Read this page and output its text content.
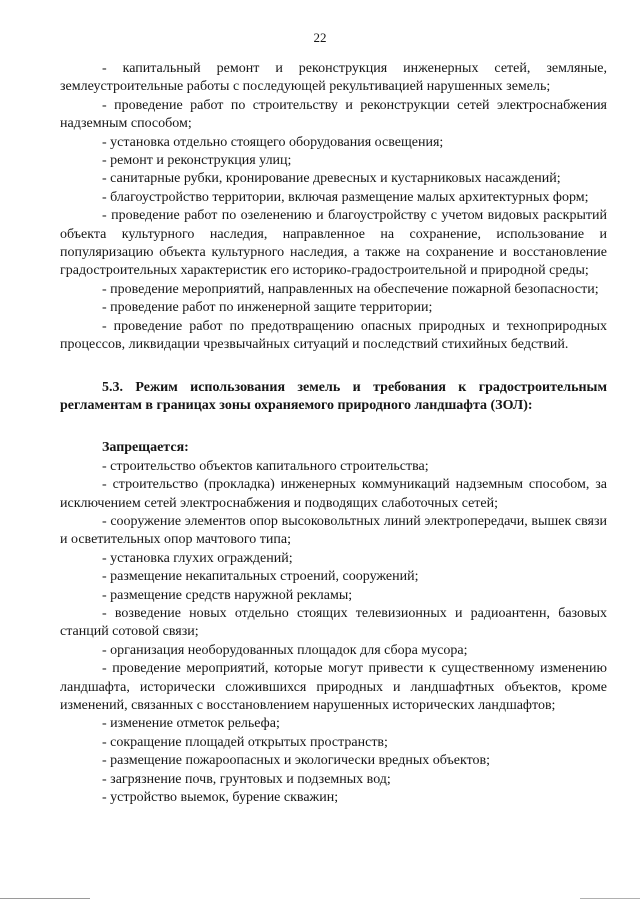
22

- капитальный ремонт и реконструкция инженерных сетей, земляные, землеустроительные работы с последующей рекультивацией нарушенных земель;

- проведение работ по строительству и реконструкции сетей электроснабжения надземным способом;

- установка отдельно стоящего оборудования освещения;

- ремонт и реконструкция улиц;

- санитарные рубки, кронирование древесных и кустарниковых насаждений;

- благоустройство территории, включая размещение малых архитектурных форм;

- проведение работ по озеленению и благоустройству с учетом видовых раскрытий объекта культурного наследия, направленное на сохранение, использование и популяризацию объекта культурного наследия, а также на сохранение и восстановление градостроительных характеристик его историко-градостроительной и природной среды;

- проведение мероприятий, направленных на обеспечение пожарной безопасности;

- проведение работ по инженерной защите территории;

- проведение работ по предотвращению опасных природных и технoприродных процессов, ликвидации чрезвычайных ситуаций и последствий стихийных бедствий.

5.3. Режим использования земель и требования к градостроительным регламентам в границах зоны охраняемого природного ландшафта (ЗОЛ):

Запрещается:

- строительство объектов капитального строительства;

- строительство (прокладка) инженерных коммуникаций надземным способом, за исключением сетей электроснабжения и подводящих слаботочных сетей;

- сооружение элементов опор высоковольтных линий электропередачи, вышек связи и осветительных опор мачтового типа;

- установка глухих ограждений;

- размещение некапитальных строений, сооружений;

- размещение средств наружной рекламы;

- возведение новых отдельно стоящих телевизионных и радиоантенн, базовых станций сотовой связи;

- организация необорудованных площадок для сбора мусора;

- проведение мероприятий, которые могут привести к существенному изменению ландшафта, исторически сложившихся природных и ландшафтных объектов, кроме изменений, связанных с восстановлением нарушенных исторических ландшафтов;

- изменение отметок рельефа;

- сокращение площадей открытых пространств;

- размещение пожароопасных и экологически вредных объектов;

- загрязнение почв, грунтовых и подземных вод;

- устройство выемок, бурение скважин;
